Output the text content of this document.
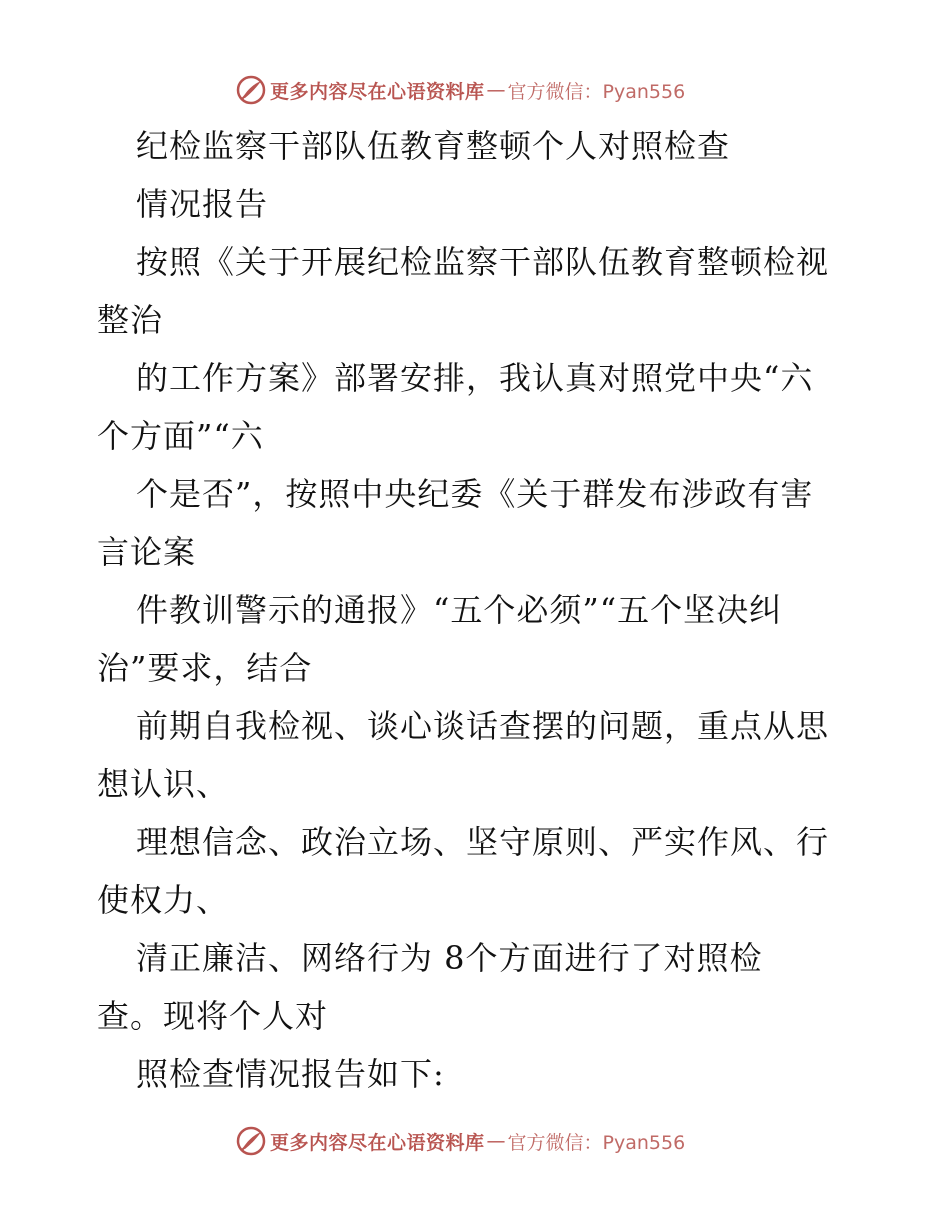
更多内容尽在心语资料库 — 官方微信：Pyan556
纪检监察干部队伍教育整顿个人对照检查
情况报告
按照《关于开展纪检监察干部队伍教育整顿检视
整治
的工作方案》部署安排，我认真对照党中央“六
个方面”“六
个是否”，按照中央纪委《关于群发布涉政有害
言论案
件教训警示的通报》“五个必须”“五个坚决纠
治”要求，结合
前期自我检视、谈心谈话查摆的问题，重点从思
想认识、
理想信念、政治立场、坚守原则、严实作风、行
使权力、
清正廉洁、网络行为 8个方面进行了对照检
查。现将个人对
照检查情况报告如下:
更多内容尽在心语资料库 — 官方微信：Pyan556
